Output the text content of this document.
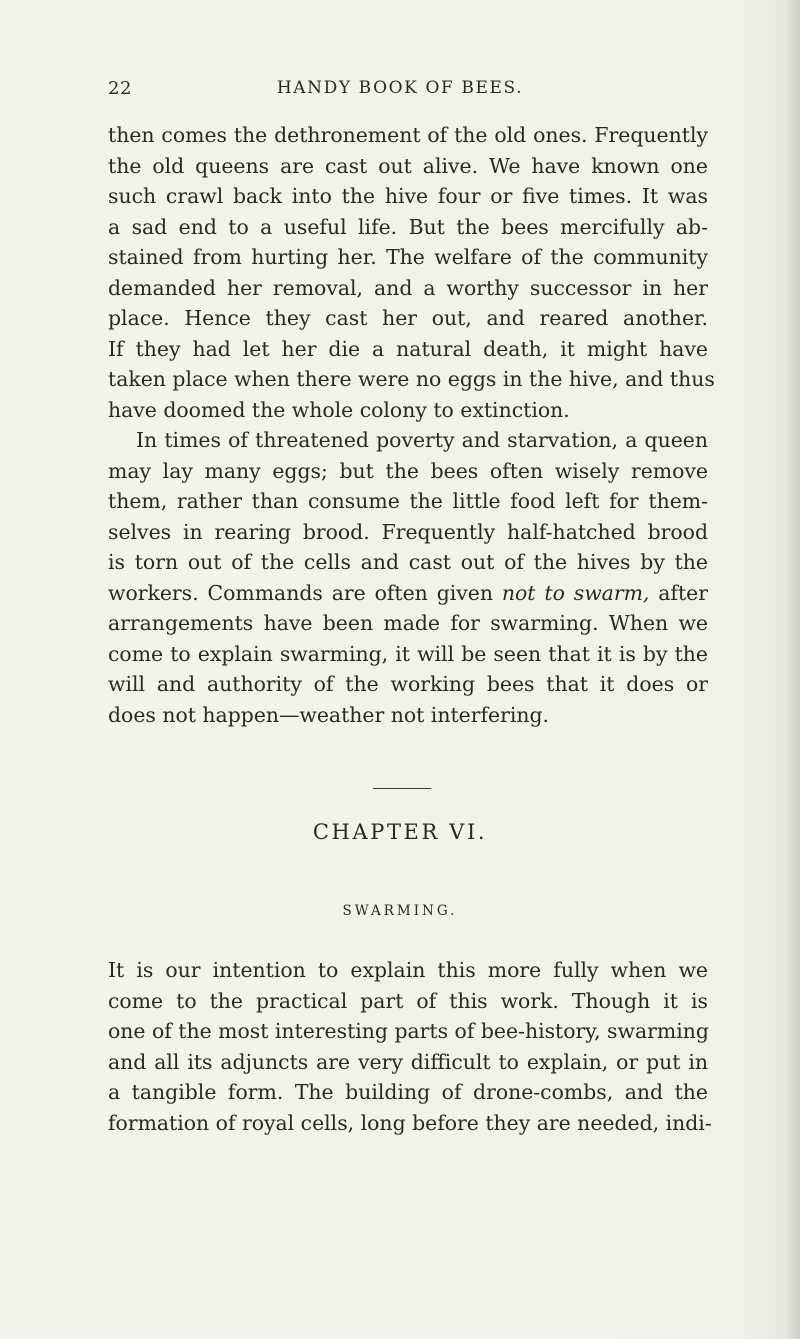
22	HANDY BOOK OF BEES.
then comes the dethronement of the old ones. Frequently
the old queens are cast out alive. We have known one
such crawl back into the hive four or five times. It was
a sad end to a useful life. But the bees mercifully ab-
stained from hurting her. The welfare of the community
demanded her removal, and a worthy successor in her
place. Hence they cast her out, and reared another.
If they had let her die a natural death, it might have
taken place when there were no eggs in the hive, and thus
have doomed the whole colony to extinction.
In times of threatened poverty and starvation, a queen
may lay many eggs; but the bees often wisely remove
them, rather than consume the little food left for them-
selves in rearing brood. Frequently half-hatched brood
is torn out of the cells and cast out of the hives by the
workers. Commands are often given not to swarm, after
arrangements have been made for swarming. When we
come to explain swarming, it will be seen that it is by the
will and authority of the working bees that it does or
does not happen—weather not interfering.
CHAPTER VI.
SWARMING.
It is our intention to explain this more fully when we
come to the practical part of this work. Though it is
one of the most interesting parts of bee-history, swarming
and all its adjuncts are very difficult to explain, or put in
a tangible form. The building of drone-combs, and the
formation of royal cells, long before they are needed, indi-
